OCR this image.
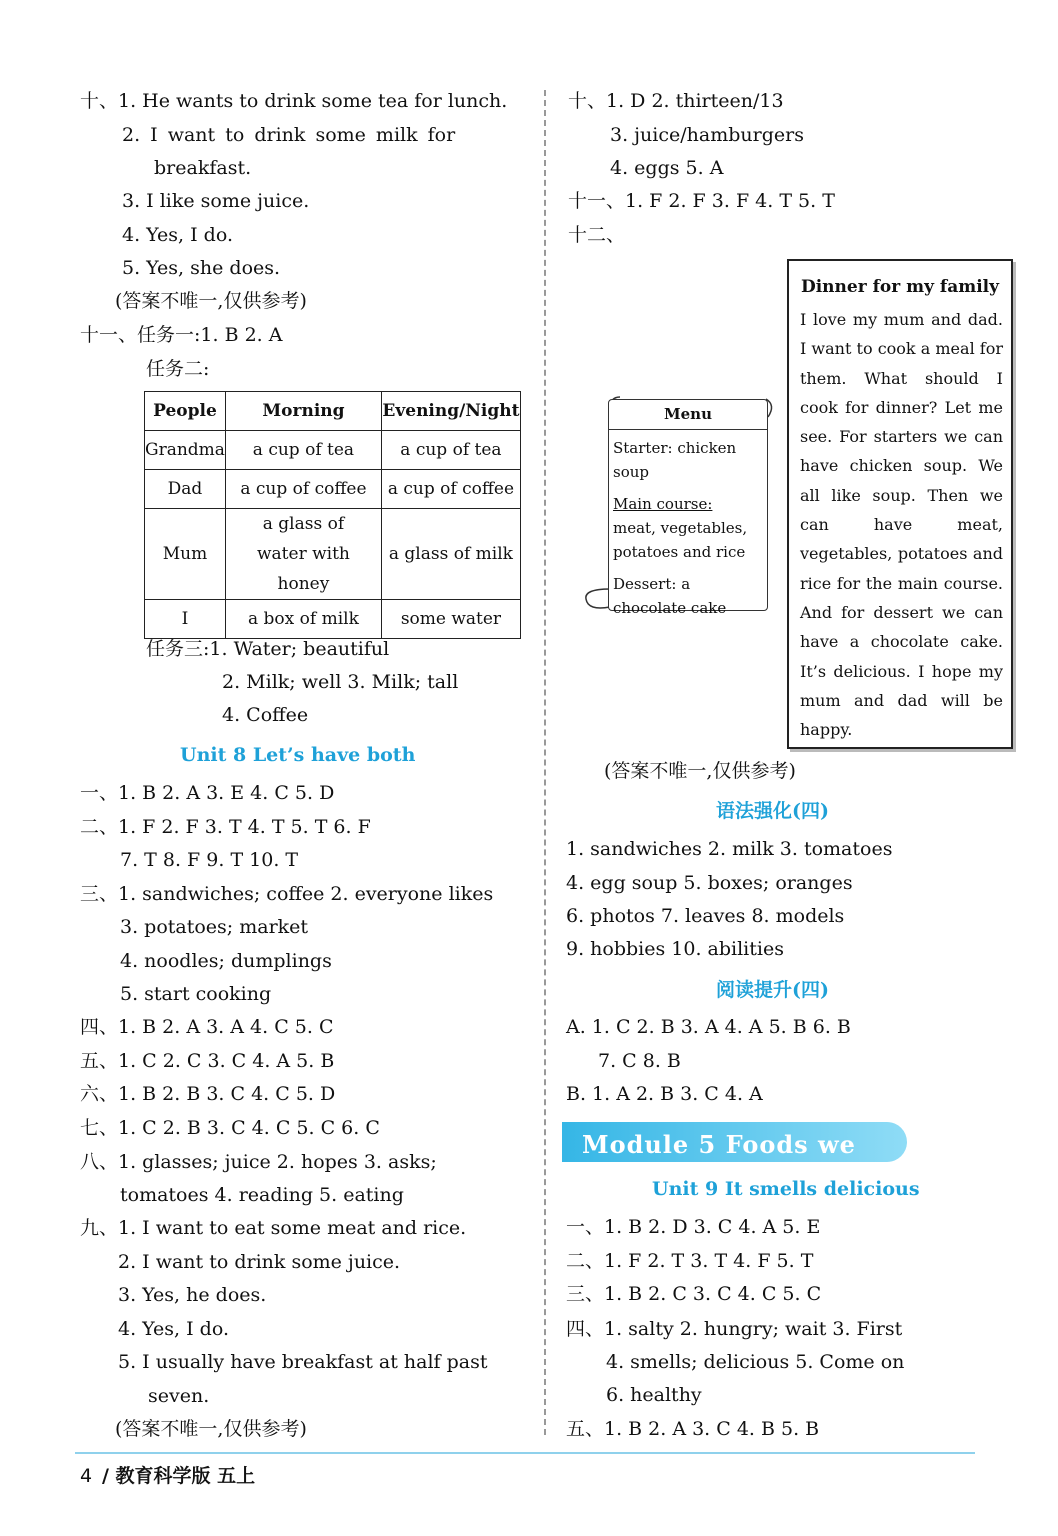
十、1. He wants to drink some tea for lunch.
2. I want to drink some milk for
breakfast.
3. I like some juice.
4. Yes, I do.
5. Yes, she does.
(答案不唯一,仅供参考)
十一、任务一:1. B 2. A
任务二:
People	Morning	Evening/Night
Grandma	a cup of tea	a cup of tea
Dad	a cup of coffee	a cup of coffee
Mum	a glass of water with honey	a glass of milk
I	a box of milk	some water
任务三:1. Water; beautiful
2. Milk; well 3. Milk; tall
4. Coffee
Unit 8 Let’s have both
一、1. B 2. A 3. E 4. C 5. D
二、1. F 2. F 3. T 4. T 5. T 6. F
7. T 8. F 9. T 10. T
三、1. sandwiches; coffee 2. everyone likes
3. potatoes; market
4. noodles; dumplings
5. start cooking
四、1. B 2. A 3. A 4. C 5. C
五、1. C 2. C 3. C 4. A 5. B
六、1. B 2. B 3. C 4. C 5. D
七、1. C 2. B 3. C 4. C 5. C 6. C
八、1. glasses; juice 2. hopes 3. asks;
tomatoes 4. reading 5. eating
九、1. I want to eat some meat and rice.
2. I want to drink some juice.
3. Yes, he does.
4. Yes, I do.
5. I usually have breakfast at half past
seven.
(答案不唯一,仅供参考)
十、1. D 2. thirteen/13
3. juice/hamburgers
4. eggs 5. A
十一、1. F 2. F 3. F 4. T 5. T
十二、
Dinner for my family
I love my mum and dad. I want to cook a meal for them. What should I cook for dinner? Let me see. For starters we can have chicken soup. We all like soup. Then we can have meat, vegetables, potatoes and rice for the main course. And for dessert we can have a chocolate cake. It’s delicious. I hope my mum and dad will be happy.
Menu
Starter: chicken soup
Main course:
meat, vegetables, potatoes and rice
Dessert: a chocolate cake
(答案不唯一,仅供参考)
语法强化(四)
1. sandwiches 2. milk 3. tomatoes
4. egg soup 5. boxes; oranges
6. photos 7. leaves 8. models
9. hobbies 10. abilities
阅读提升(四)
A. 1. C 2. B 3. A 4. A 5. B 6. B
7. C 8. B
B. 1. A 2. B 3. C 4. A
Module 5 Foods we need
Unit 9 It smells delicious
一、1. B 2. D 3. C 4. A 5. E
二、1. F 2. T 3. T 4. F 5. T
三、1. B 2. C 3. C 4. C 5. C
四、1. salty 2. hungry; wait 3. First
4. smells; delicious 5. Come on
6. healthy
五、1. B 2. A 3. C 4. B 5. B
4 / 教育科学版 五上
